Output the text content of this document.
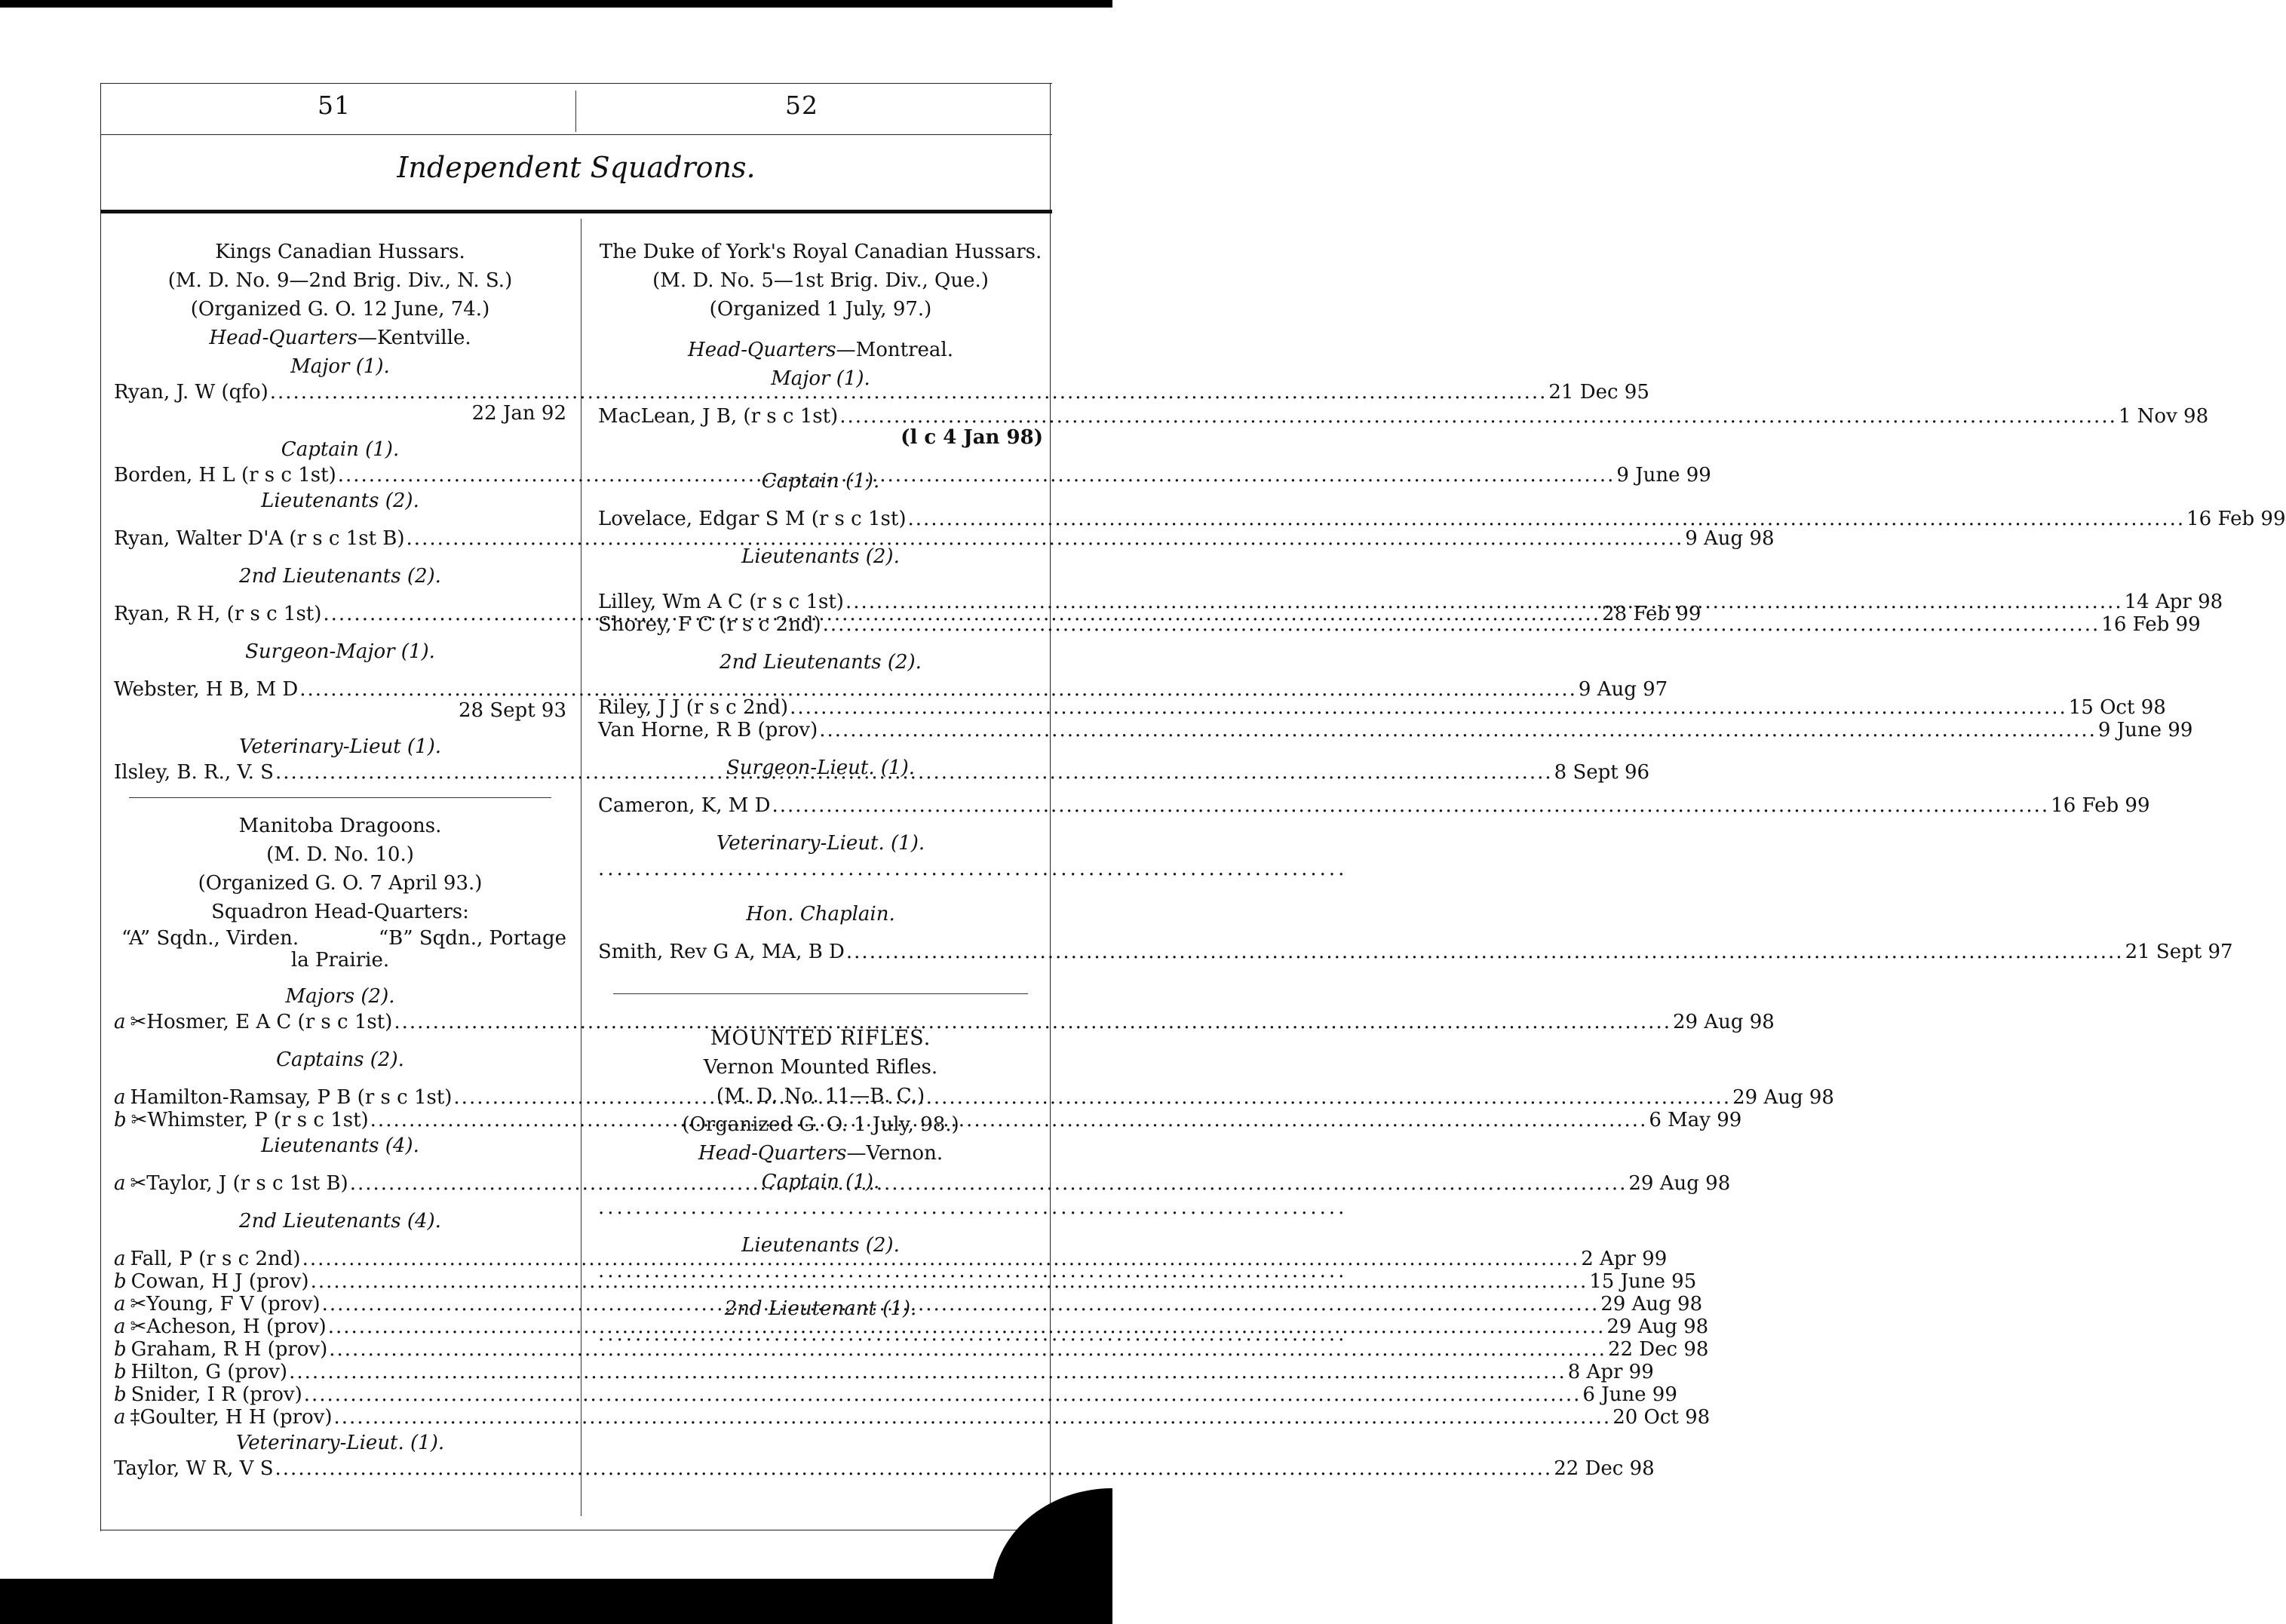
51	52
Independent Squadrons.
Kings Canadian Hussars.
(M. D. No. 9—2nd Brig. Div., N. S.)
(Organized G. O. 12 June, 74.)
Head-Quarters—Kentville.
Major (1).
Ryan, J. W (qfo) .....	21 Dec 95
22 Jan 92
Captain (1).
Borden, H L (r s c 1st) .....	9 June 99
Lieutenants (2).
Ryan, Walter D'A (r s c 1st B) .....	9 Aug 98
2nd Lieutenants (2).
Ryan, R H, (r s c 1st) .....	28 Feb 99
Surgeon-Major (1).
Webster, H B, M D .....	9 Aug 97
28 Sept 93
Veterinary-Lieut (1).
Ilsley, B. R., V. S .....	8 Sept 96
Manitoba Dragoons.
(M. D. No. 10.)
(Organized G. O. 7 April 93.)
Squadron Head-Quarters:
“A” Sqdn., Virden.	“B” Sqdn., Portage
la Prairie.
Majors (2).
a ✂Hosmer, E A C (r s c 1st) .....	29 Aug 98
Captains (2).
a Hamilton-Ramsay, P B (r s c 1st) .....	29 Aug 98
b ✂Whimster, P (r s c 1st) .....	6 May 99
Lieutenants (4).
a ✂Taylor, J (r s c 1st B) .....	29 Aug 98
2nd Lieutenants (4).
a Fall, P (r s c 2nd) .....	2 Apr 99
b Cowan, H J (prov) .....	15 June 95
a ✂Young, F V (prov) .....	29 Aug 98
a ✂Acheson, H (prov) .....	29 Aug 98
b Graham, R H (prov) .....	22 Dec 98
b Hilton, G (prov) .....	8 Apr 99
b Snider, I R (prov) .....	6 June 99
a ‡Goulter, H H (prov) .....	20 Oct 98
Veterinary-Lieut. (1).
Taylor, W R, V S .....	22 Dec 98
The Duke of York's Royal Canadian Hussars.
(M. D. No. 5—1st Brig. Div., Que.)
(Organized 1 July, 97.)
Head-Quarters—Montreal.
Major (1).
MacLean, J B, (r s c 1st) .....	1 Nov 98
(l c 4 Jan 98)
Captain (1).
Lovelace, Edgar S M (r s c 1st) .....	16 Feb 99
Lieutenants (2).
Lilley, Wm A C (r s c 1st) .....	14 Apr 98
Shorey, F C (r s c 2nd) .....	16 Feb 99
2nd Lieutenants (2).
Riley, J J (r s c 2nd) .....	15 Oct 98
Van Horne, R B (prov) .....	9 June 99
Surgeon-Lieut. (1).
Cameron, K, M D .....	16 Feb 99
Veterinary-Lieut. (1).
.................................................................................
Hon. Chaplain.
Smith, Rev G A, MA, B D .....	21 Sept 97
MOUNTED RIFLES.
Vernon Mounted Rifles.
(M. D. No. 11—B. C.)
(Organized G. O. 1 July, 98.)
Head-Quarters—Vernon.
Captain (1).
.................................................................................
Lieutenants (2).
.................................................................................
2nd Lieutenant (1).
.................................................................................
